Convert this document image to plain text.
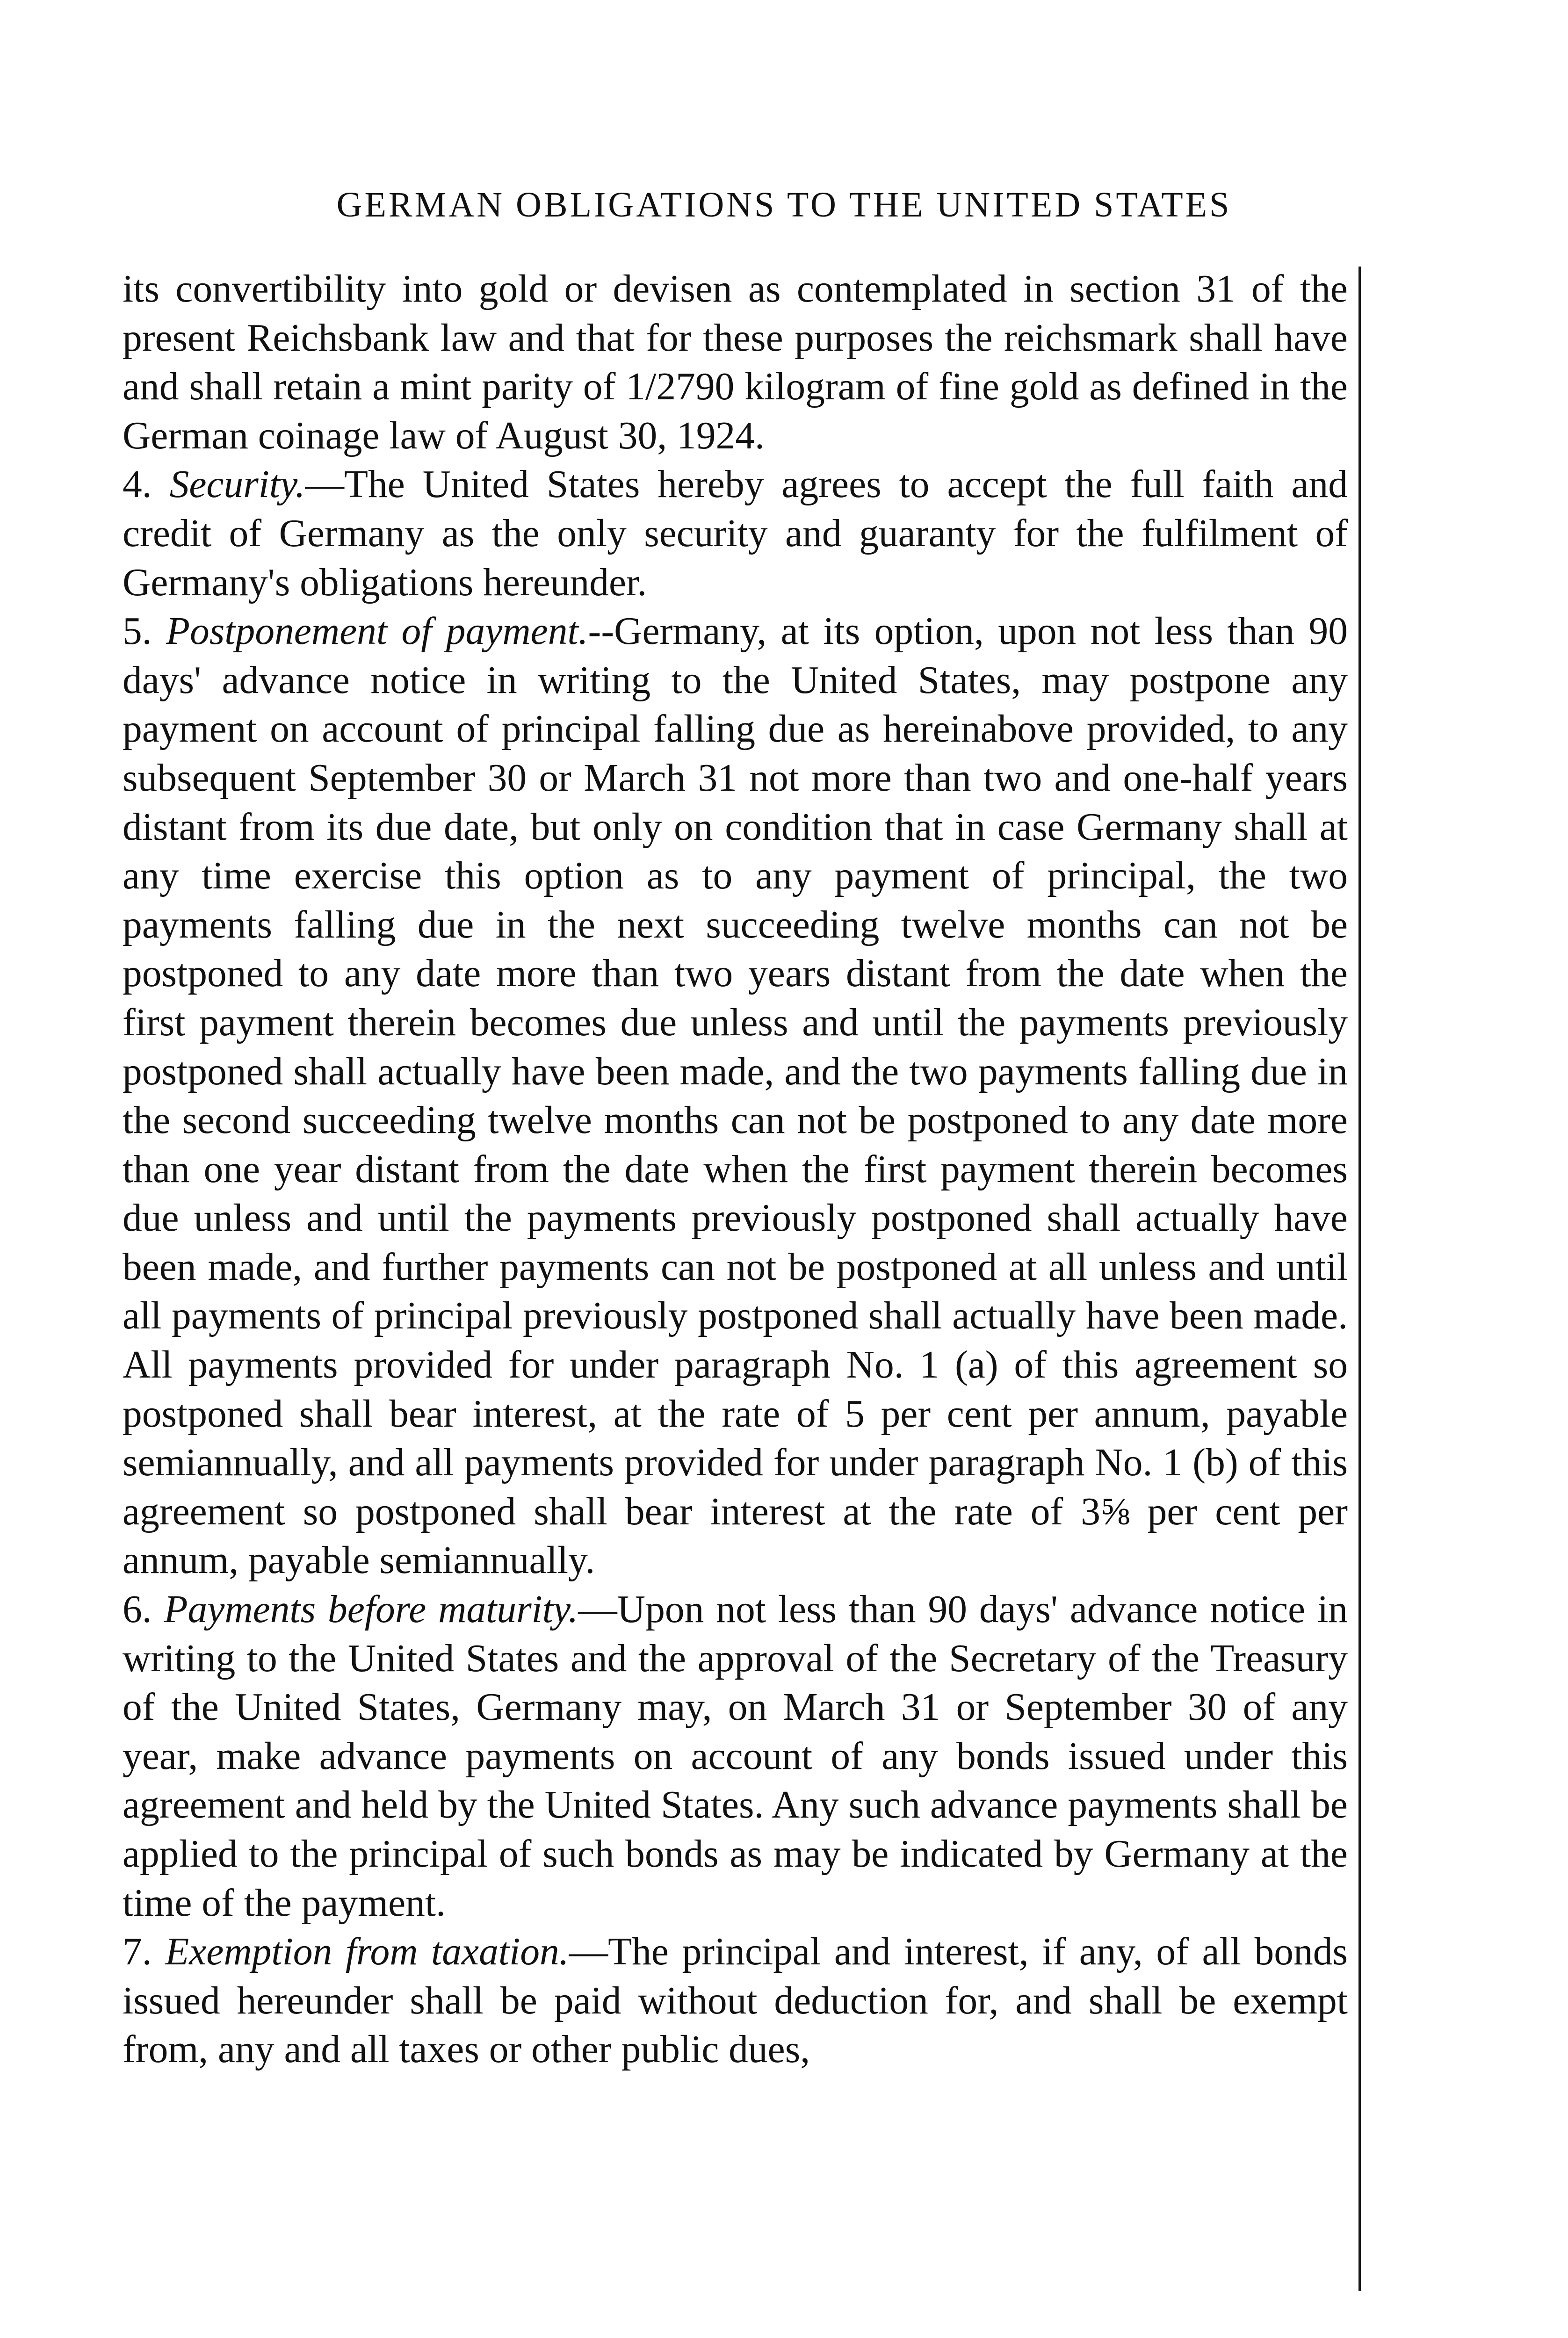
GERMAN OBLIGATIONS TO THE UNITED STATES

its convertibility into gold or devisen as contemplated in section 31 of the present Reichsbank law and that for these purposes the reichsmark shall have and shall retain a mint parity of 1/2790 kilogram of fine gold as defined in the German coinage law of August 30, 1924.

4. Security.—The United States hereby agrees to accept the full faith and credit of Germany as the only security and guaranty for the fulfilment of Germany's obligations hereunder.

5. Postponement of payment.--Germany, at its option, upon not less than 90 days' advance notice in writing to the United States, may postpone any payment on account of principal falling due as hereinabove provided, to any subsequent September 30 or March 31 not more than two and one-half years distant from its due date, but only on condition that in case Germany shall at any time exercise this option as to any payment of principal, the two payments falling due in the next succeeding twelve months can not be postponed to any date more than two years distant from the date when the first payment therein becomes due unless and until the payments previously postponed shall actually have been made, and the two payments falling due in the second succeeding twelve months can not be postponed to any date more than one year distant from the date when the first payment therein becomes due unless and until the payments previously postponed shall actually have been made, and further payments can not be postponed at all unless and until all payments of principal previously postponed shall actually have been made. All payments provided for under paragraph No. 1 (a) of this agreement so postponed shall bear interest, at the rate of 5 per cent per annum, payable semiannually, and all payments provided for under paragraph No. 1 (b) of this agreement so postponed shall bear interest at the rate of 3⅝ per cent per annum, payable semiannually.

6. Payments before maturity.—Upon not less than 90 days' advance notice in writing to the United States and the approval of the Secretary of the Treasury of the United States, Germany may, on March 31 or September 30 of any year, make advance payments on account of any bonds issued under this agreement and held by the United States. Any such advance payments shall be applied to the principal of such bonds as may be indicated by Germany at the time of the payment.

7. Exemption from taxation.—The principal and interest, if any, of all bonds issued hereunder shall be paid without deduction for, and shall be exempt from, any and all taxes or other public dues,
